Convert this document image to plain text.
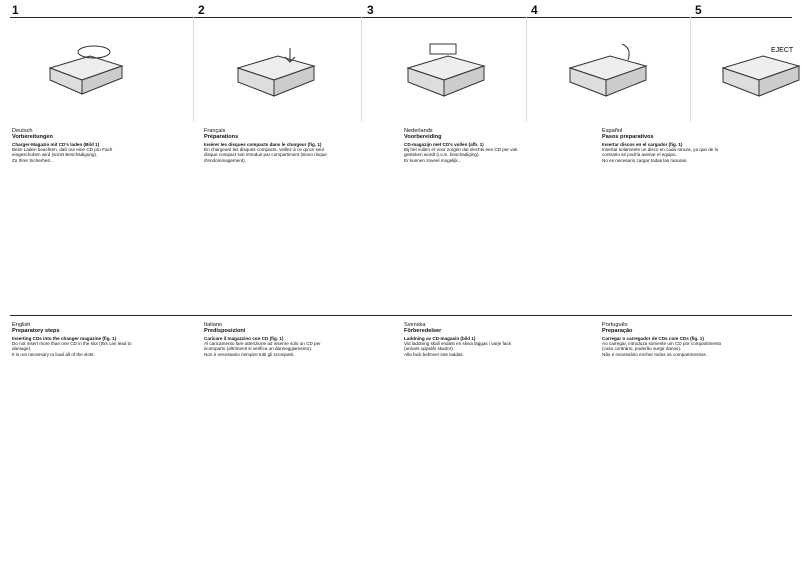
1	2	3	4	5
EJECT
Deutsch
Vorbereitungen
Charger-Magazin mit CD's laden (Bild 1)
Beim Laden beachten, daß nur eine CD pro Fach
eingeschoben wird (sonst Beschädigung).
Zu Ihrer Sicherheit...
Français
Préparations
Insérer les disques compacts dans le chargeur (fig. 1)
En chargeant les disques compacts, veillez à ce qu'un seul
disque compact soit introduit par compartiment (sinon risque
d'endommagement).
Nederlands
Voorbereiding
CD-magazijn met CD's vullen (afb. 1)
Bij het vullen er voor zorgen dat slechts een CD per vak
gestoken wordt (i.v.m. beschadiging).
Er kunnen zoveel mogelijk...
Español
Pasos preparativos
Insertar discos en el cargador (fig. 1)
Insertar solamente un disco en cada ranura, ya que de lo
contrario se podría averiar el equipo.
No es necesario cargar todas las ranuras.
English
Preparatory steps
Inserting CDs into the changer magazine (fig. 1)
Do not insert more than one CD in the slot (this can lead to
damage).
It is not necessary to load all of the slots.
Italiano
Predisposizioni
Caricare il magazzino con CD (fig. 1)
Al caricamento fare attenzione ad inserire solo un CD per
scomparto (altrimenti si verifica un danneggiamento).
Non è necessario riempire tutti gli scomparti.
Svenska
Förberedelser
Laddning av CD-magasin (bild 1)
Vid laddning skall endast en skiva läggas i varje fack
(annars uppstår skador).
Alla fack behöver inte laddas.
Português
Preparação
Carregar o carregador de CDs com CDs (fig. 1)
Ao carregar, introduza somente um CD por compartimento
(caso contrário, poderão surgir danos).
Não é necessário encher todos os compartimentos.
